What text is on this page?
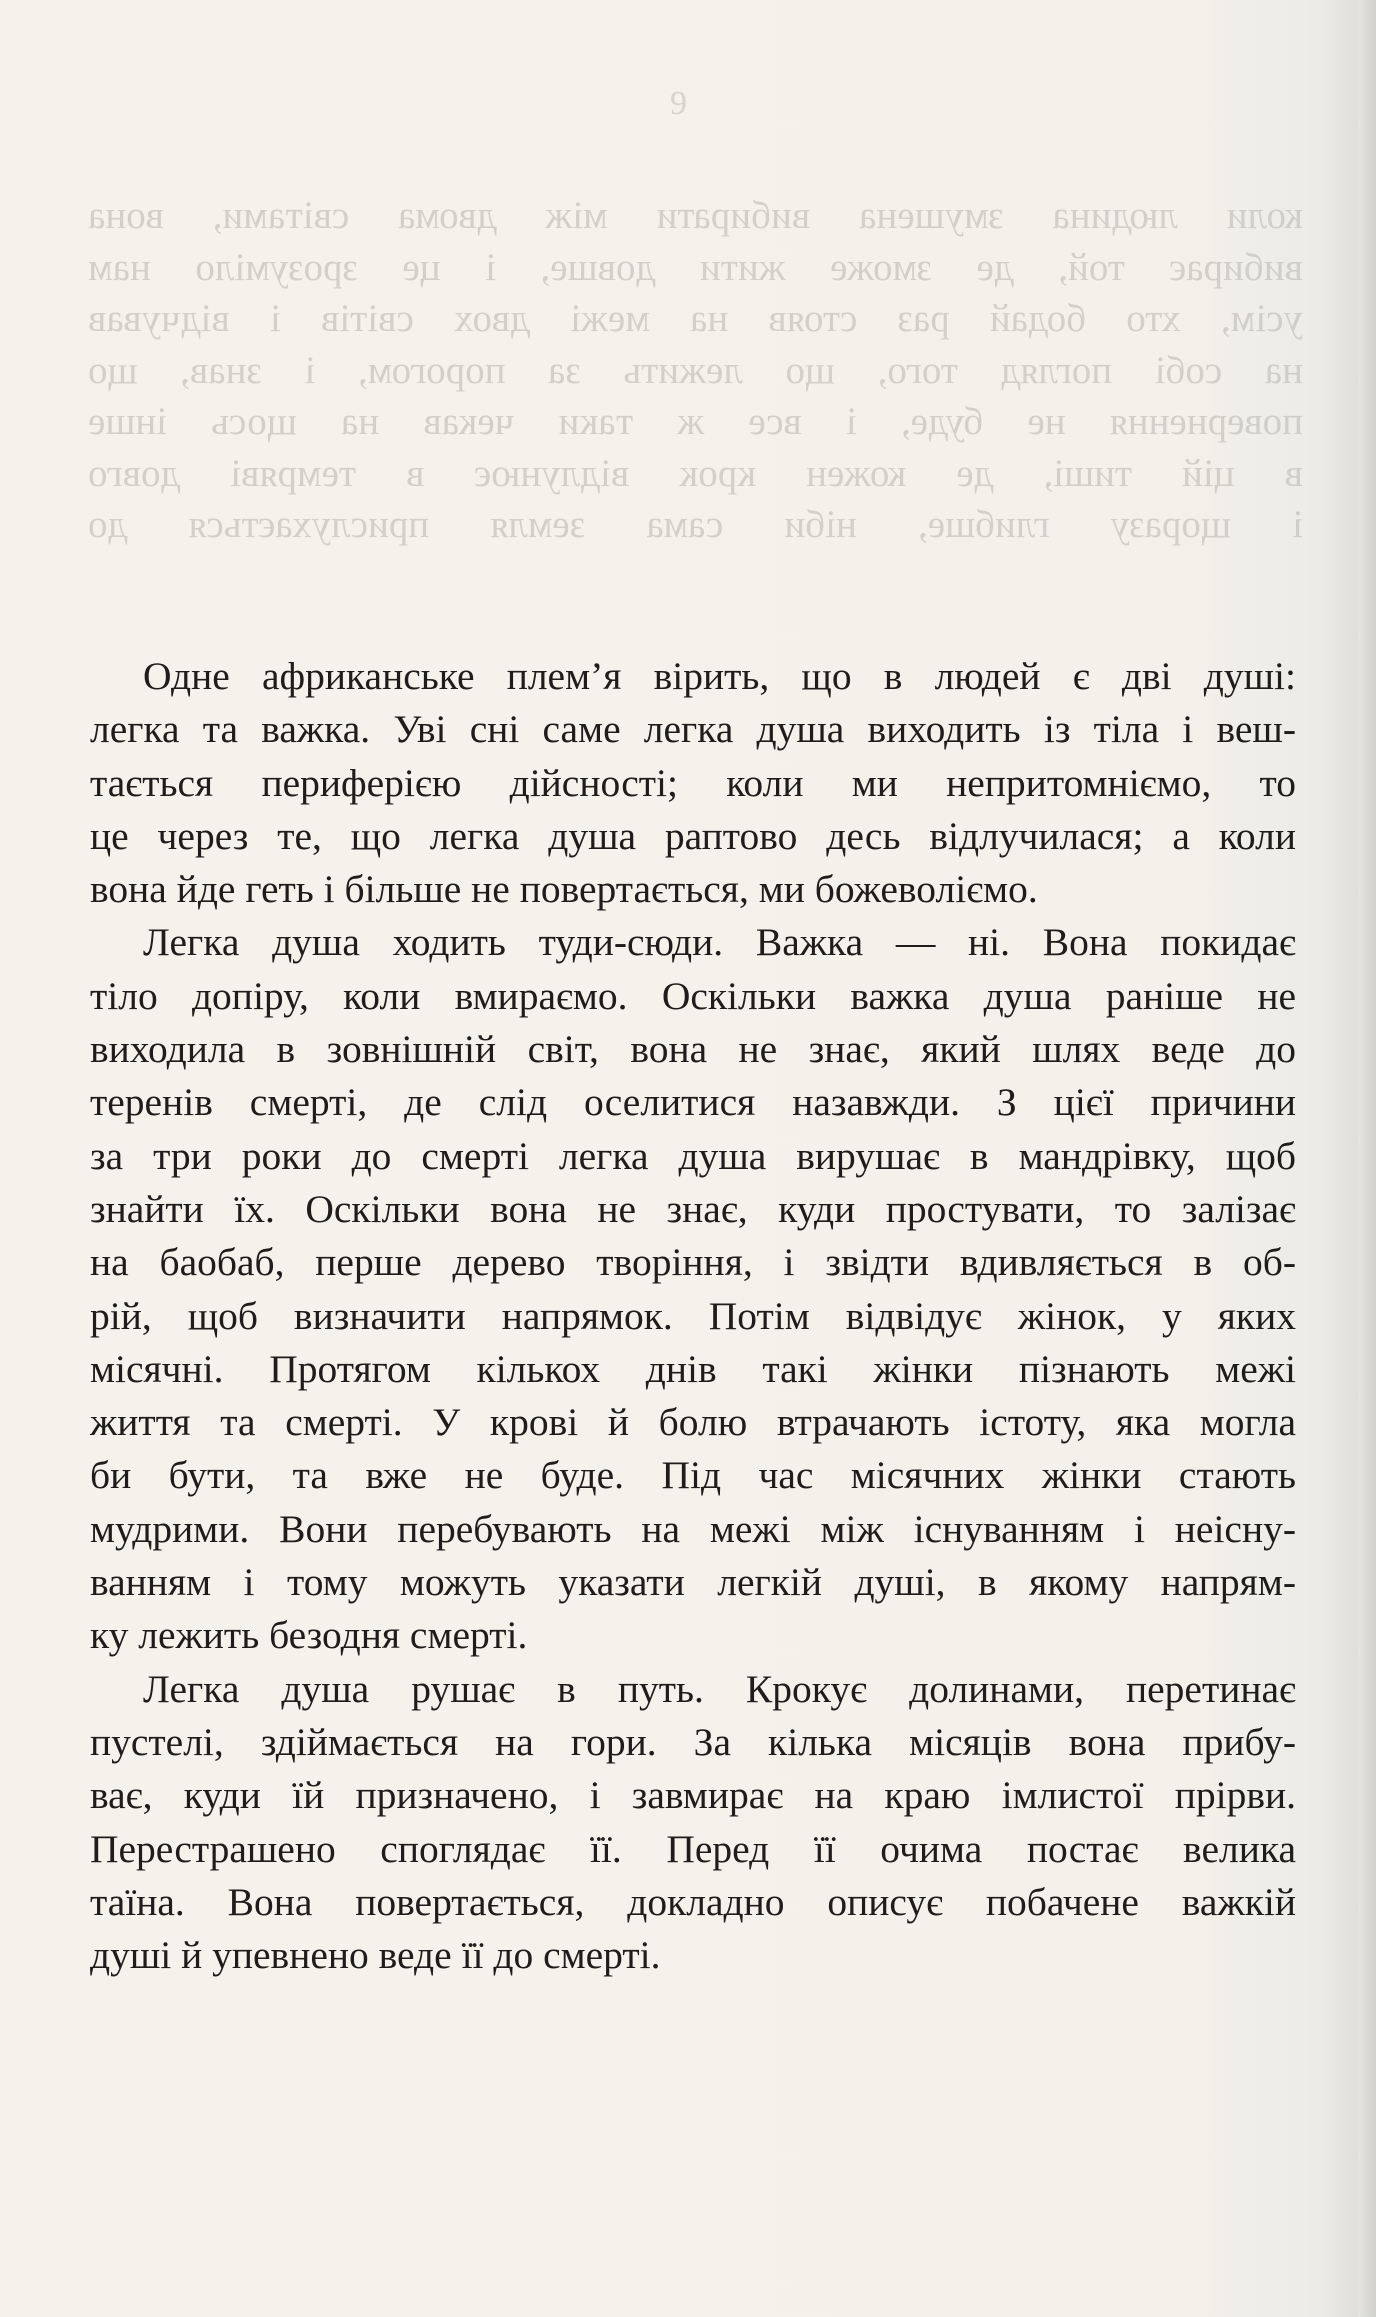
9
коли людина змушена вибирати між двома світами, вона
вибирає той, де зможе жити довше, і це зрозуміло нам
усім, хто бодай раз стояв на межі двох світів і відчував
на собі погляд того, що лежить за порогом, і знав, що
повернення не буде, і все ж таки чекав на щось інше
в цій тиші, де кожен крок відлунює в темряві довго
і щоразу глибше, ніби сама земля прислухається до
Одне африканське плем’я вірить, що в людей є дві душі:
легка та важка. Уві сні саме легка душа виходить із тіла і веш-
тається периферією дійсності; коли ми непритомніємо, то
це через те, що легка душа раптово десь відлучилася; а коли
вона йде геть і більше не повертається, ми божеволіємо.
Легка душа ходить туди-сюди. Важка — ні. Вона покидає
тіло допіру, коли вмираємо. Оскільки важка душа раніше не
виходила в зовнішній світ, вона не знає, який шлях веде до
теренів смерті, де слід оселитися назавжди. З цієї причини
за три роки до смерті легка душа вирушає в мандрівку, щоб
знайти їх. Оскільки вона не знає, куди простувати, то залізає
на баобаб, перше дерево творіння, і звідти вдивляється в об-
рій, щоб визначити напрямок. Потім відвідує жінок, у яких
місячні. Протягом кількох днів такі жінки пізнають межі
життя та смерті. У крові й болю втрачають істоту, яка могла
би бути, та вже не буде. Під час місячних жінки стають
мудрими. Вони перебувають на межі між існуванням і неісну-
ванням і тому можуть указати легкій душі, в якому напрям-
ку лежить безодня смерті.
Легка душа рушає в путь. Крокує долинами, перетинає
пустелі, здіймається на гори. За кілька місяців вона прибу-
ває, куди їй призначено, і завмирає на краю імлистої прірви.
Перестрашено споглядає її. Перед її очима постає велика
таїна. Вона повертається, докладно описує побачене важкій
душі й упевнено веде її до смерті.
